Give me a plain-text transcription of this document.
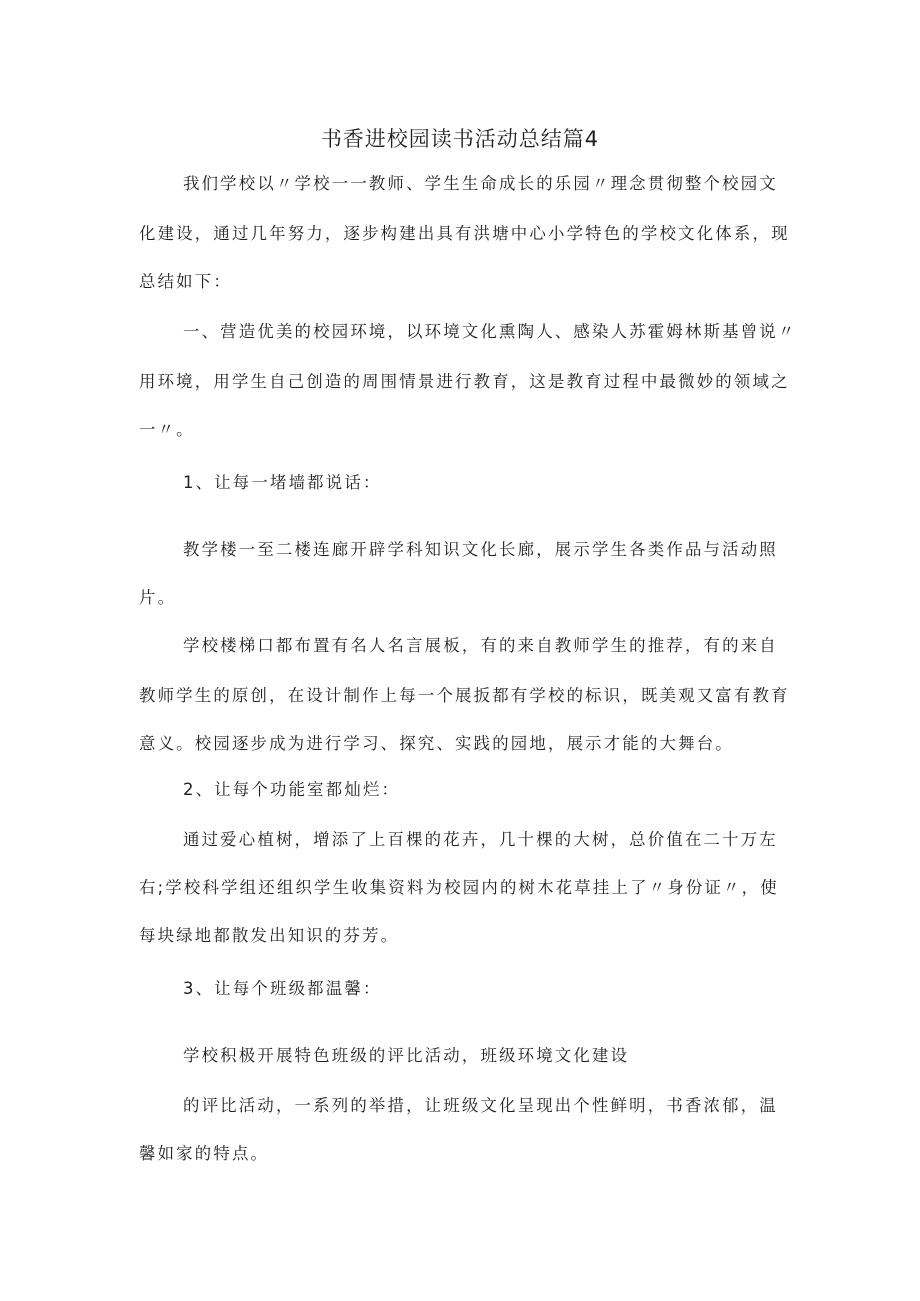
书香进校园读书活动总结篇4
我们学校以〃学校一一教师、学生生命成长的乐园〃理念贯彻整个校园文
化建设，通过几年努力，逐步构建出具有洪塘中心小学特色的学校文化体系，现
总结如下：
一、营造优美的校园环境，以环境文化熏陶人、感染人苏霍姆林斯基曾说〃
用环境，用学生自己创造的周围情景进行教育，这是教育过程中最微妙的领域之
一〃。
1、让每一堵墙都说话：
教学楼一至二楼连廊开辟学科知识文化长廊，展示学生各类作品与活动照
片。
学校楼梯口都布置有名人名言展板，有的来自教师学生的推荐，有的来自
教师学生的原创，在设计制作上每一个展扳都有学校的标识，既美观又富有教育
意义。校园逐步成为进行学习、探究、实践的园地，展示才能的大舞台。
2、让每个功能室都灿烂：
通过爱心植树，增添了上百棵的花卉，几十棵的大树，总价值在二十万左
右;学校科学组还组织学生收集资料为校园内的树木花草挂上了〃身份证〃，使
每块绿地都散发出知识的芬芳。
3、让每个班级都温馨：
学校积极开展特色班级的评比活动，班级环境文化建设
的评比活动，一系列的举措，让班级文化呈现出个性鲜明，书香浓郁，温
馨如家的特点。
